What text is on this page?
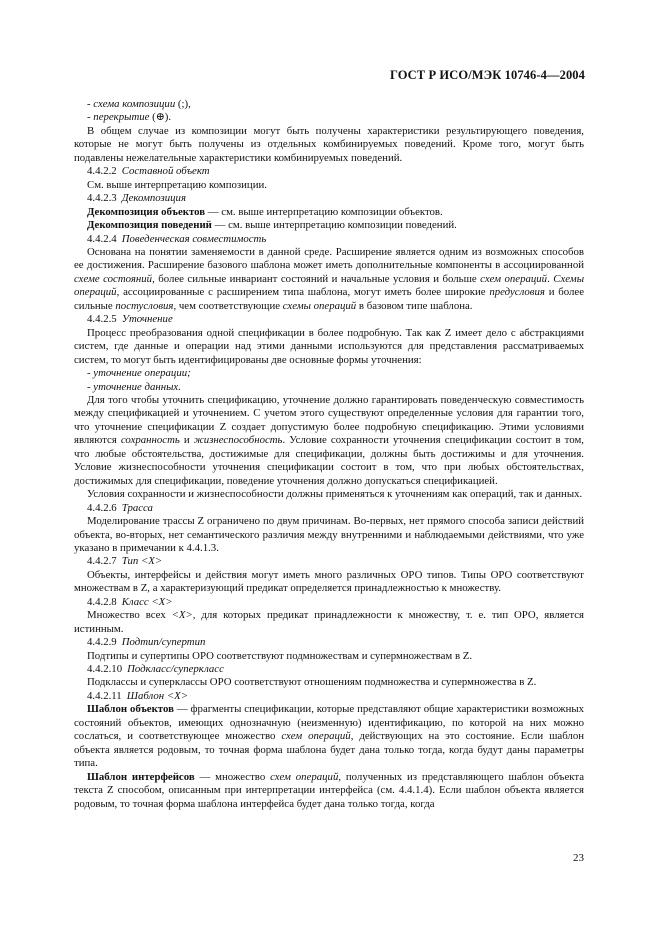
ГОСТ Р ИСО/МЭК 10746-4—2004
- схема композиции (;),
- перекрытие (⊕).
В общем случае из композиции могут быть получены характеристики результирующего поведения, которые не могут быть получены из отдельных комбинируемых поведений. Кроме того, могут быть подавлены нежелательные характеристики комбинируемых поведений.
4.4.2.2 Составной объект
См. выше интерпретацию композиции.
4.4.2.3 Декомпозиция
Декомпозиция объектов — см. выше интерпретацию композиции объектов.
Декомпозиция поведений — см. выше интерпретацию композиции поведений.
4.4.2.4 Поведенческая совместимость
Основана на понятии заменяемости в данной среде. Расширение является одним из возможных способов ее достижения. Расширение базового шаблона может иметь дополнительные компоненты в ассоциированной схеме состояний, более сильные инвариант состояний и начальные условия и больше схем операций. Схемы операций, ассоциированные с расширением типа шаблона, могут иметь более широкие предусловия и более сильные постусловия, чем соответствующие схемы операций в базовом типе шаблона.
4.4.2.5 Уточнение
Процесс преобразования одной спецификации в более подробную. Так как Z имеет дело с абстракциями систем, где данные и операции над этими данными используются для представления рассматриваемых систем, то могут быть идентифицированы две основные формы уточнения:
- уточнение операции;
- уточнение данных.
Для того чтобы уточнить спецификацию, уточнение должно гарантировать поведенческую совместимость между спецификацией и уточнением. С учетом этого существуют определенные условия для гарантии того, что уточнение спецификации Z создает допустимую более подробную спецификацию. Этими условиями являются сохранность и жизнеспособность. Условие сохранности уточнения спецификации состоит в том, что любые обстоятельства, достижимые для спецификации, должны быть достижимы и для уточнения. Условие жизнеспособности уточнения спецификации состоит в том, что при любых обстоятельствах, достижимых для спецификации, поведение уточнения должно допускаться спецификацией.
Условия сохранности и жизнеспособности должны применяться к уточнениям как операций, так и данных.
4.4.2.6 Трасса
Моделирование трассы Z ограничено по двум причинам. Во-первых, нет прямого способа записи действий объекта, во-вторых, нет семантического различия между внутренними и наблюдаемыми действиями, что уже указано в примечании к 4.4.1.3.
4.4.2.7 Тип <X>
Объекты, интерфейсы и действия могут иметь много различных ОРО типов. Типы ОРО соответствуют множествам в Z, а характеризующий предикат определяется принадлежностью к множеству.
4.4.2.8 Класс <X>
Множество всех <X>, для которых предикат принадлежности к множеству, т. е. тип ОРО, является истинным.
4.4.2.9 Подтип/супертип
Подтипы и супертипы ОРО соответствуют подмножествам и супермножествам в Z.
4.4.2.10 Подкласс/суперкласс
Подклассы и суперклассы ОРО соответствуют отношениям подмножества и супермножества в Z.
4.4.2.11 Шаблон <X>
Шаблон объектов — фрагменты спецификации, которые представляют общие характеристики возможных состояний объектов, имеющих однозначную (неизменную) идентификацию, по которой на них можно сослаться, и соответствующее множество схем операций, действующих на это состояние. Если шаблон объекта является родовым, то точная форма шаблона будет дана только тогда, когда будут даны параметры типа.
Шаблон интерфейсов — множество схем операций, полученных из представляющего шаблон объекта текста Z способом, описанным при интерпретации интерфейса (см. 4.4.1.4). Если шаблон объекта является родовым, то точная форма шаблона интерфейса будет дана только тогда, когда
23
